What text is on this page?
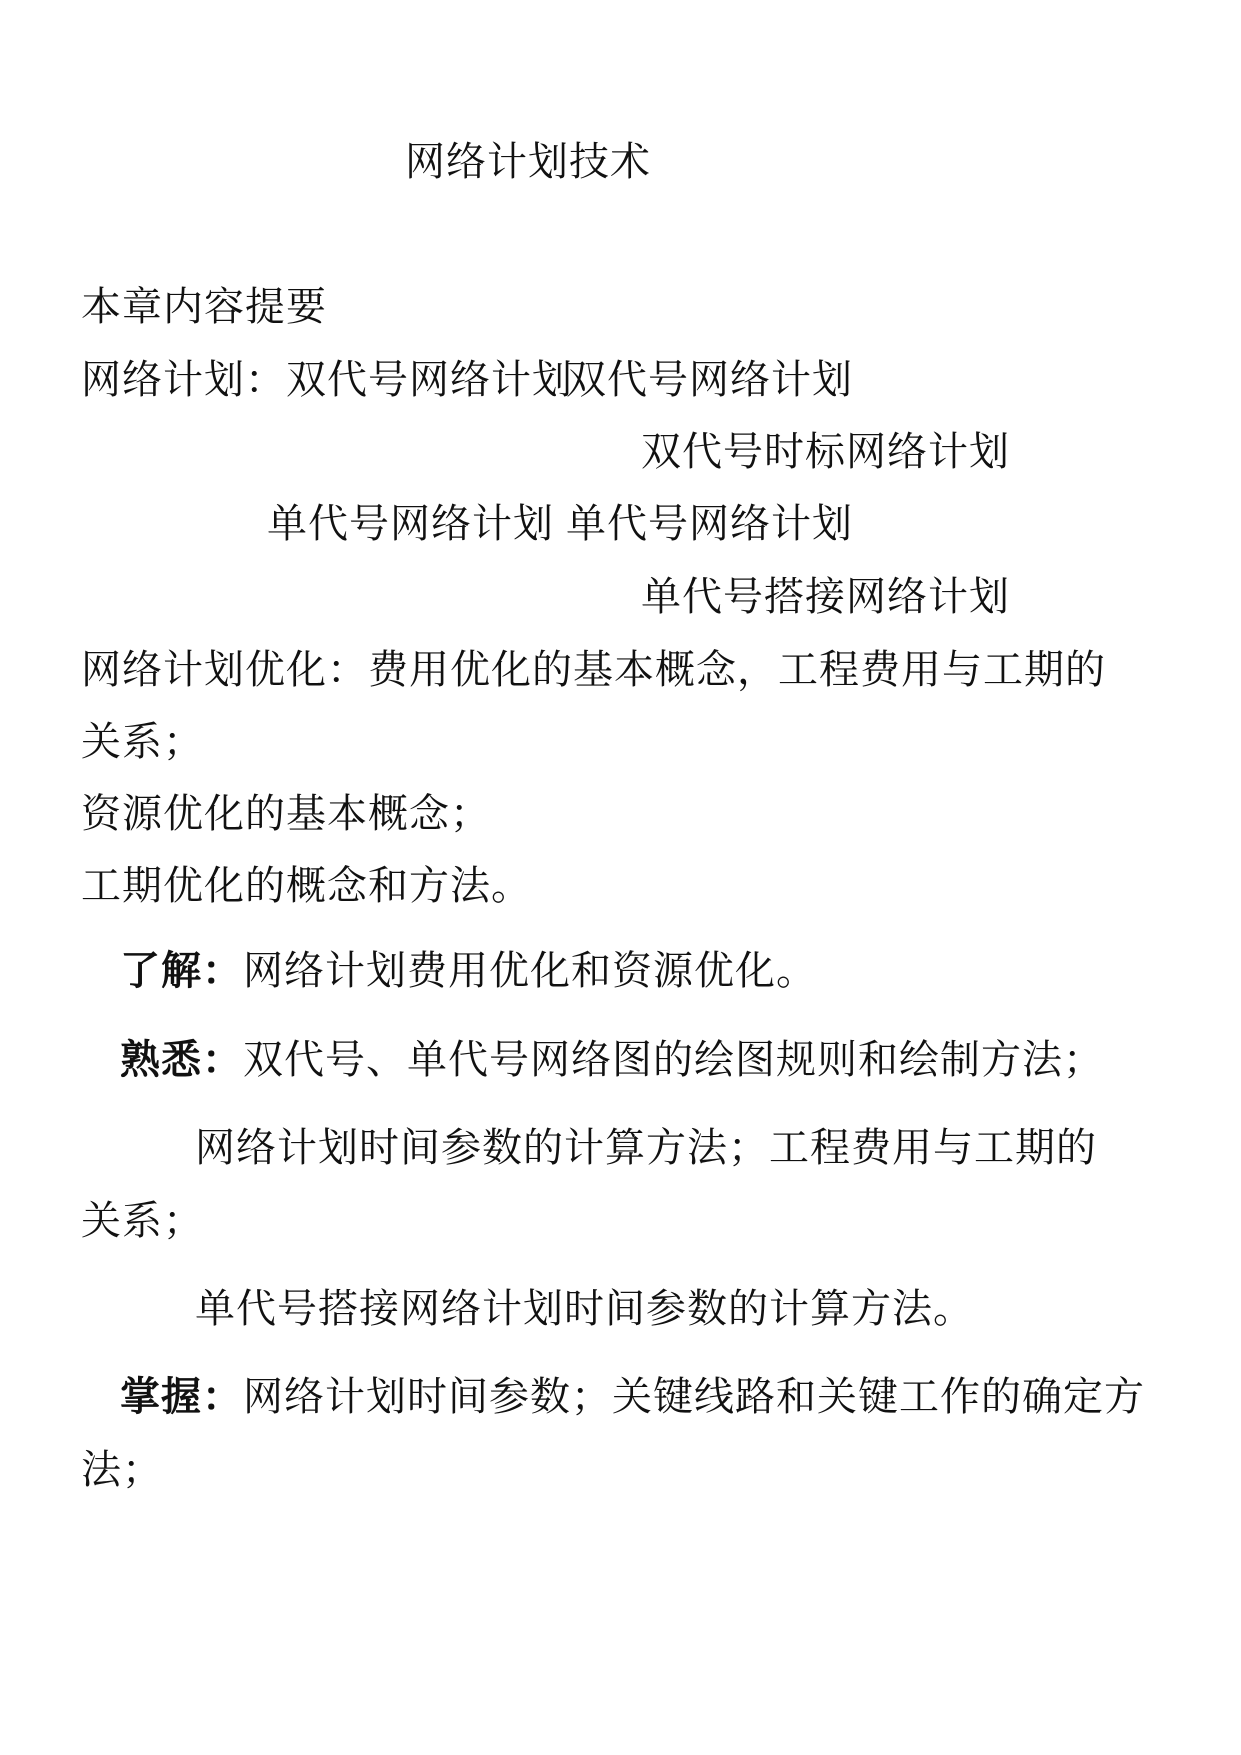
网络计划技术
本章内容提要
网络计划：双代号网络计划
双代号网络计划
双代号时标网络计划
单代号网络计划 单代号网络计划
单代号搭接网络计划
网络计划优化：费用优化的基本概念，工程费用与工期的
关系；
资源优化的基本概念；
工期优化的概念和方法。
了解：网络计划费用优化和资源优化。
熟悉：双代号、单代号网络图的绘图规则和绘制方法；
网络计划时间参数的计算方法；工程费用与工期的
关系；
单代号搭接网络计划时间参数的计算方法。
掌握：网络计划时间参数；关键线路和关键工作的确定方
法；
